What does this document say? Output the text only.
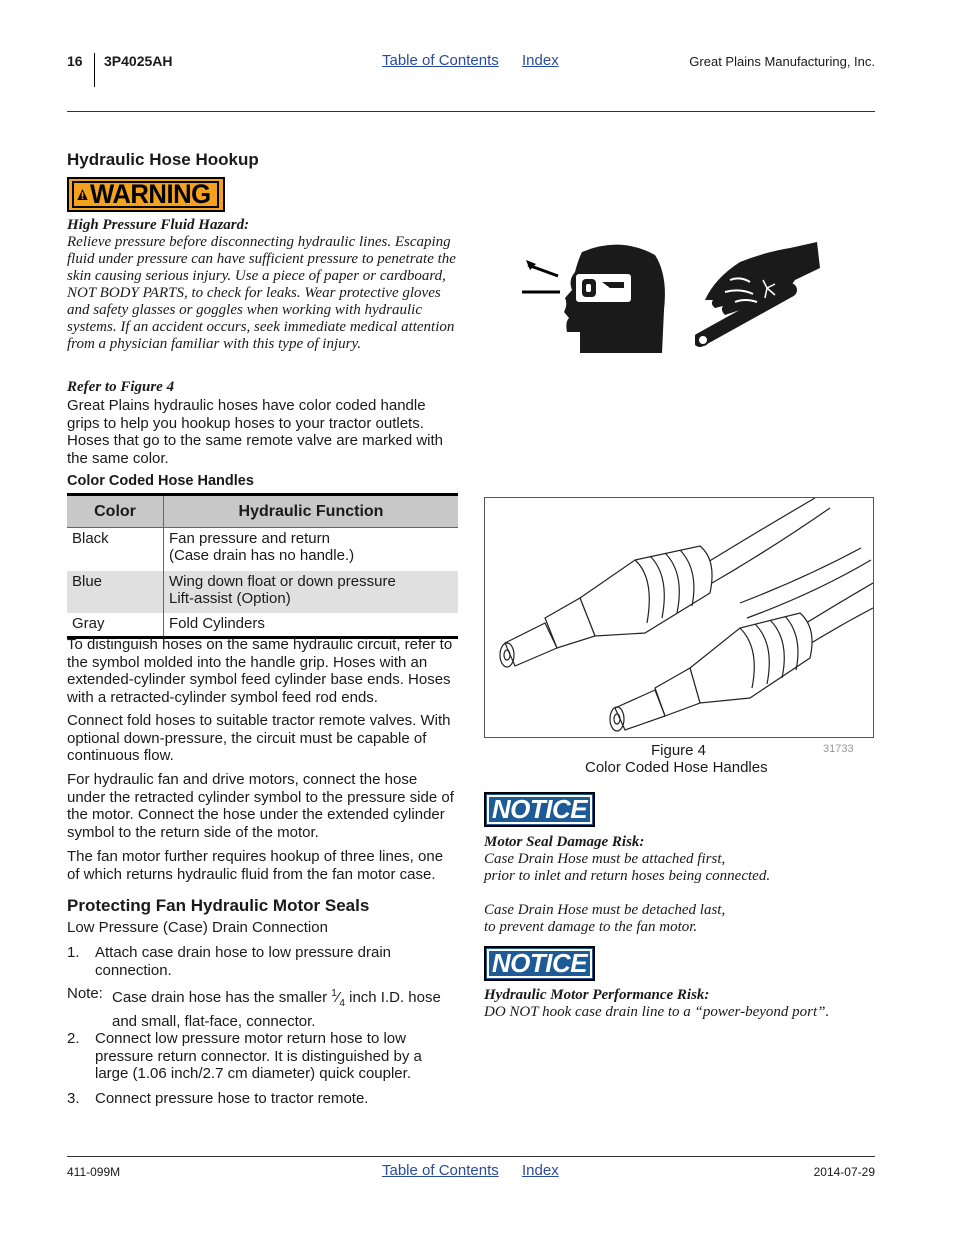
16 3P4025AH	Table of Contents Index	Great Plains Manufacturing, Inc.
Hydraulic Hose Hookup
WARNING
High Pressure Fluid Hazard:
Relieve pressure before disconnecting hydraulic lines. Escaping fluid under pressure can have sufficient pressure to penetrate the skin causing serious injury. Use a piece of paper or cardboard, NOT BODY PARTS, to check for leaks. Wear protective gloves and safety glasses or goggles when working with hydraulic systems. If an accident occurs, seek immediate medical attention from a physician familiar with this type of injury.
Refer to Figure 4
Great Plains hydraulic hoses have color coded handle grips to help you hookup hoses to your tractor outlets. Hoses that go to the same remote valve are marked with the same color.
Color Coded Hose Handles
Color	Hydraulic Function
Black	Fan pressure and return
(Case drain has no handle.)
Blue	Wing down float or down pressure
Lift-assist (Option)
Gray	Fold Cylinders
To distinguish hoses on the same hydraulic circuit, refer to the symbol molded into the handle grip. Hoses with an extended-cylinder symbol feed cylinder base ends. Hoses with a retracted-cylinder symbol feed rod ends.
Connect fold hoses to suitable tractor remote valves. With optional down-pressure, the circuit must be capable of continuous flow.
For hydraulic fan and drive motors, connect the hose under the retracted cylinder symbol to the pressure side of the motor. Connect the hose under the extended cylinder symbol to the return side of the motor.
The fan motor further requires hookup of three lines, one of which returns hydraulic fluid from the fan motor case.
Protecting Fan Hydraulic Motor Seals
Low Pressure (Case) Drain Connection
1. Attach case drain hose to low pressure drain connection.
Note: Case drain hose has the smaller $^1⁄_4$ inch I.D. hose
and small, flat-face, connector.
2. Connect low pressure motor return hose to low pressure return connector. It is distinguished by a large (1.06 inch/2.7 cm diameter) quick coupler.
3. Connect pressure hose to tractor remote.
Figure 4	31733
Color Coded Hose Handles
NOTICE
Motor Seal Damage Risk:
Case Drain Hose must be attached first,
prior to inlet and return hoses being connected.

Case Drain Hose must be detached last,
to prevent damage to the fan motor.
NOTICE
Hydraulic Motor Performance Risk:
DO NOT hook case drain line to a “power-beyond port”.
411-099M	Table of Contents Index	2014-07-29
